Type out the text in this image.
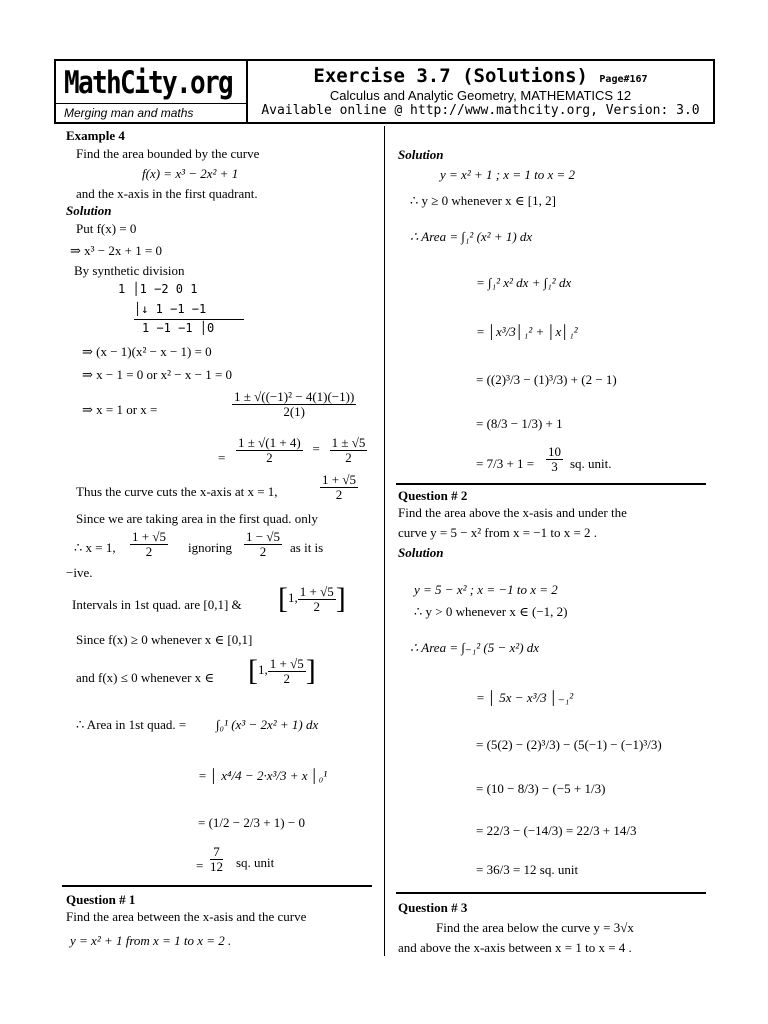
MathCity.org
Merging man and maths
Exercise 3.7 (Solutions) Page#167
Calculus and Analytic Geometry, MATHEMATICS 12
Available online @ http://www.mathcity.org, Version: 3.0
Example 4
Find the area bounded by the curve
f(x) = x³ − 2x² + 1
and the x-axis in the first quadrant.
Solution
Put f(x) = 0
⇒ x³ − 2x + 1 = 0
By synthetic division
1 │1 −2 0 1
│↓ 1 −1 −1
1 −1 −1 │0
⇒ (x − 1)(x² − x − 1) = 0
⇒ x − 1 = 0 or x² − x − 1 = 0
⇒ x = 1 or x =	$\frac{\text{1 ± √((−1)² − 4(1)(−1))}}{2(1)}$
= $\frac{1 \pm √(1 + 4)}{2} = \frac{1 \pm √5}{2}$
Thus the curve cuts the x-axis at x = 1,	$\frac{1 + √5}{2}$
Since we are taking area in the first quad. only
∴ x = 1, $\frac{1 + √5}{2}$ ignoring $\frac{1 - √5}{2}$ as it is
−ive.
Intervals in 1st quad. are [0,1] & [1, $\frac{1 + √5}{2}$ ]
Since f(x) ≥ 0 whenever x ∈ [0,1]
and f(x) ≤ 0 whenever x ∈ [1, $\frac{1 + √5}{2}$ ]
∴ Area in 1st quad. = ∫₀¹ (x³ − 2x² + 1) dx
= │ x⁴/4 − 2·x³/3 + x │₀¹
= (1/2 − 2/3 + 1) − 0
= $\frac{7}{12}$ sq. unit
Question # 1
Find the area between the x-asis and the curve
y = x² + 1 from x = 1 to x = 2 .
Solution
y = x² + 1 ; x = 1 to x = 2
∴ y ≥ 0 whenever x ∈ [1, 2]
∴ Area = ∫₁² (x² + 1) dx
= ∫₁² x² dx + ∫₁² dx
= │x³/3│₁² + │x│₁²
= ((2)³/3 − (1)³/3) + (2 − 1)
= (8/3 − 1/3) + 1
= $7/3 + 1 = \frac{10}{3}$ sq. unit.
Question # 2
Find the area above the x-asis and under the
curve y = 5 − x² from x = −1 to x = 2 .
Solution
y = 5 − x² ; x = −1 to x = 2
∴ y > 0 whenever x ∈ (−1, 2)
∴ Area = ∫₋₁² (5 − x²) dx
= │ 5x − x³/3 │₋₁²
= (5(2) − (2)³/3) − (5(−1) − (−1)³/3)
= (10 − 8/3) − (−5 + 1/3)
= 22/3 − (−14/3) = 22/3 + 14/3
= 36/3 = 12 sq. unit
Question # 3
Find the area below the curve y = 3√x
and above the x-axis between x = 1 to x = 4 .
